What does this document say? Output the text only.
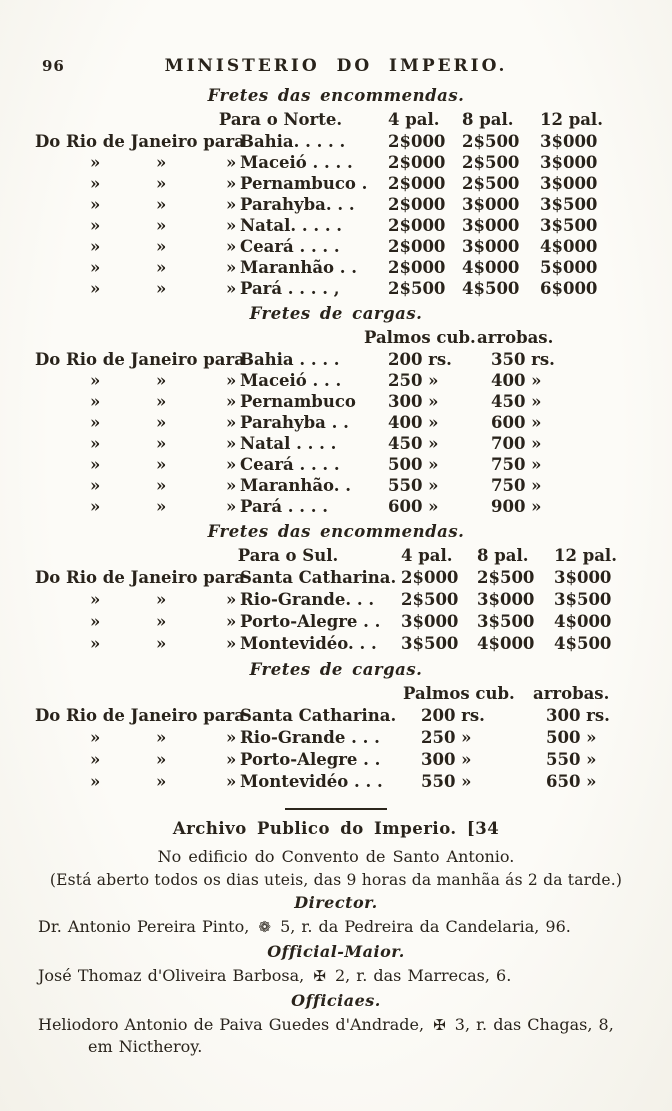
96	MINISTERIO DO IMPERIO.
Fretes das encommendas.
Para o Norte.	4 pal.	8 pal.	12 pal.
Do Rio de Janeiro para
Bahia. . . . .	2$000	2$500	3$000
»	»	» Maceió . . . .	2$000	2$500	3$000
»	»	» Pernambuco .	2$000	2$500	3$000
»	»	» Parahyba. . .	2$000	3$000	3$500
»	»	» Natal. . . . .	2$000	3$000	3$500
»	»	» Ceará . . . .	2$000	3$000	4$000
»	»	» Maranhão . .	2$000	4$000	5$000
»	»	» Pará . . . . ,	2$500	4$500	6$000
Fretes de cargas.
Palmos cub. arrobas.
Do Rio de Janeiro para
Bahia . . . .	200 rs.	350 rs.
»	»	» Maceió . . .	250 »	400 »
»	»	» Pernambuco	300 »	450 »
»	»	» Parahyba . .	400 »	600 »
»	»	» Natal . . . .	450 »	700 »
»	»	» Ceará . . . .	500 »	750 »
»	»	» Maranhão. .	550 »	750 »
»	»	» Pará . . . .	600 »	900 »
Fretes das encommendas.
Para o Sul.	4 pal.	8 pal.	12 pal.
Do Rio de Janeiro para
Santa Catharina. 2$000	2$500	3$000
»	»	» Rio-Grande. . .	2$500	3$000	3$500
»	»	» Porto-Alegre . .	3$000	3$500	4$000
»	»	» Montevidéo. . .	3$500	4$000	4$500
Fretes de cargas.
Palmos cub.	arrobas.
Do Rio de Janeiro para
Santa Catharina.	200 rs.	300 rs.
»	»	» Rio-Grande . . .	250 »	500 »
»	»	» Porto-Alegre . .	300 »	550 »
»	»	» Montevidéo . . .	550 »	650 »
Archivo Publico do Imperio. [34
No edificio do Convento de Santo Antonio.
(Está aberto todos os dias uteis, das 9 horas da manhãa ás 2 da tarde.)
Director.
Dr. Antonio Pereira Pinto, ❁ 5, r. da Pedreira da Candelaria, 96.
Official-Maior.
José Thomaz d'Oliveira Barbosa, ✠ 2, r. das Marrecas, 6.
Officiaes.
Heliodoro Antonio de Paiva Guedes d'Andrade, ✠ 3, r. das Chagas, 8,
em Nictheroy.
